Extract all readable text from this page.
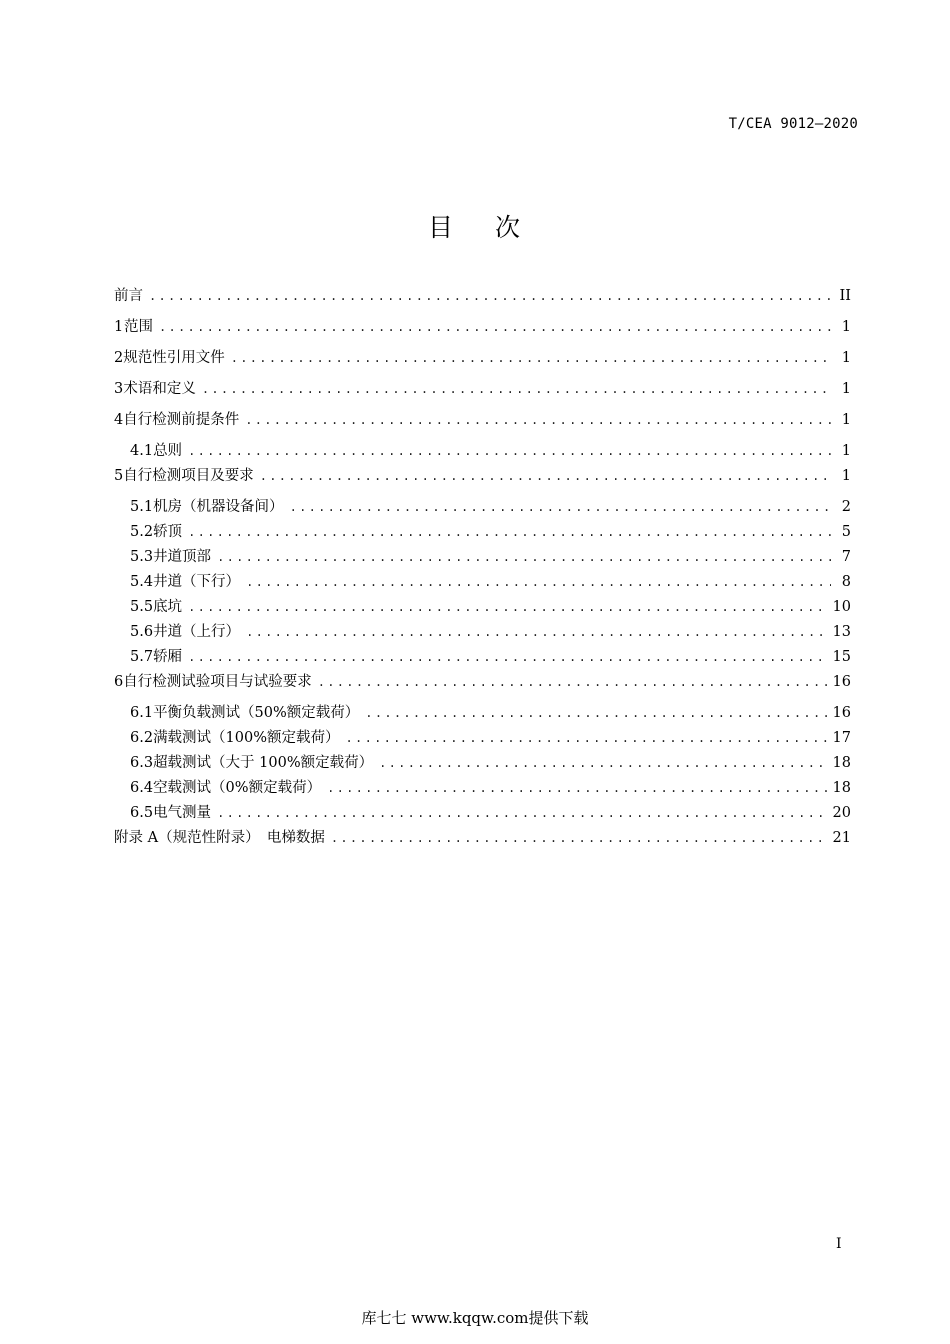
T/CEA 9012—2020
目 次
前言 .....	II
1 范围 .....	1
2 规范性引用文件 .....	1
3 术语和定义 .....	1
4 自行检测前提条件 .....	1
4.1 总则 .....	1
5 自行检测项目及要求 .....	1
5.1 机房（机器设备间） .....	2
5.2 轿顶 .....	5
5.3 井道顶部 .....	7
5.4 井道（下行） .....	8
5.5 底坑 .....	10
5.6 井道（上行） .....	13
5.7 轿厢 .....	15
6 自行检测试验项目与试验要求 .....	16
6.1 平衡负载测试（50%额定载荷） .....	16
6.2 满载测试（100%额定载荷） .....	17
6.3 超载测试（大于 100%额定载荷） .....	18
6.4 空载测试（0%额定载荷） .....	18
6.5 电气测量 .....	20
附录 A（规范性附录）　电梯数据 .....	21
I
库七七 www.kqqw.com提供下载
